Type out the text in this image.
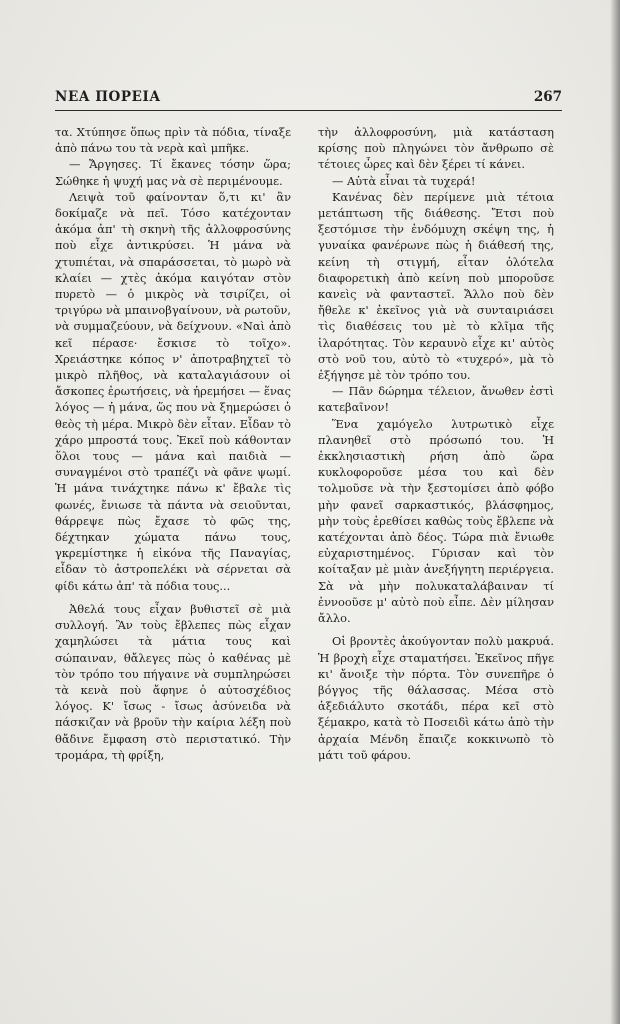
ΝΕΑ ΠΟΡΕΙΑ	267

τα. Χτύπησε ὅπως πρὶν τὰ πόδια, τίναξε ἀπὸ πάνω του τὰ νερὰ καὶ μπῆκε.

— Ἄργησες. Τί ἔκανες τόσην ὥρα; Σώθηκε ἡ ψυχή μας νὰ σὲ περιμένουμε.

Λειψὰ τοῦ φαίνονταν ὅ,τι κι' ἂν δοκίμαζε νὰ πεῖ. Τόσο κατέχονταν ἀκόμα ἀπ' τὴ σκηνὴ τῆς ἀλλοφροσύνης ποὺ εἶχε ἀντικρύσει. Ἡ μάνα νὰ χτυπιέται, νὰ σπαράσσεται, τὸ μωρὸ νὰ κλαίει — χτὲς ἀκόμα καιγόταν στὸν πυρετὸ — ὁ μικρὸς νὰ τσιρίζει, οἱ τριγύρω νὰ μπαινοβγαίνουν, νὰ ρωτοῦν, νὰ συμμαζεύουν, νὰ δείχνουν. «Ναὶ ἀπὸ κεῖ πέρασε· ἔσκισε τὸ τοῖχο». Χρειάστηκε κόπος ν' ἀποτραβηχτεῖ τὸ μικρὸ πλῆθος, νὰ καταλαγιάσουν οἱ ἄσκοπες ἐρωτήσεις, νὰ ἠρεμήσει — ἕνας λόγος — ἡ μάνα, ὥς που νὰ ξημερώσει ὁ θεὸς τὴ μέρα. Μικρὸ δὲν εἶταν. Εἶδαν τὸ χάρο μπροστά τους. Ἐκεῖ ποὺ κάθονταν ὅλοι τους — μάνα καὶ παιδιὰ — συναγμένοι στὸ τραπέζι νὰ φᾶνε ψωμί. Ἡ μάνα τινάχτηκε πάνω κ' ἔβαλε τὶς φωνές, ἔνιωσε τὰ πάντα νὰ σειοῦνται, θάρρεψε πὼς ἔχασε τὸ φῶς της, δέχτηκαν χώματα πάνω τους, γκρεμίστηκε ἡ εἰκόνα τῆς Παναγίας, εἶδαν τὸ ἀστροπελέκι νὰ σέρνεται σὰ φίδι κάτω ἀπ' τὰ πόδια τους...

Ἀθελά τους εἶχαν βυθιστεῖ σὲ μιὰ συλλογή. Ἂν τοὺς ἔβλεπες πὼς εἶχαν χαμηλώσει τὰ μάτια τους καὶ σώπαιναν, θἄλεγες πὼς ὁ καθένας μὲ τὸν τρόπο του πήγαινε νὰ συμπληρώσει τὰ κενὰ ποὺ ἄφηνε ὁ αὐτοσχέδιος λόγος. Κ' ἴσως - ἴσως ἀσύνειδα νὰ πάσκιζαν νὰ βροῦν τὴν καίρια λέξη ποὺ θἄδινε ἔμφαση στὸ περιστατικό. Τὴν τρομάρα, τὴ φρίξη,

τὴν ἀλλοφροσύνη, μιὰ κατάσταση κρίσης ποὺ πληγώνει τὸν ἄνθρωπο σὲ τέτοιες ὧρες καὶ δὲν ξέρει τί κάνει.

— Αὐτὰ εἶναι τὰ τυχερά!

Κανένας δὲν περίμενε μιὰ τέτοια μετάπτωση τῆς διάθεσης. Ἔτσι ποὺ ξεστόμισε τὴν ἐνδόμυχη σκέψη της, ἡ γυναίκα φανέρωνε πὼς ἡ διάθεσή της, κείνη τὴ στιγμή, εἶταν ὁλότελα διαφορετικὴ ἀπὸ κείνη ποὺ μποροῦσε κανεὶς νὰ φανταστεῖ. Ἄλλο ποὺ δὲν ἤθελε κ' ἐκεῖνος γιὰ νὰ συνταιριάσει τὶς διαθέσεις του μὲ τὸ κλῖμα τῆς ἱλαρότητας. Τὸν κεραυνὸ εἶχε κι' αὐτὸς στὸ νοῦ του, αὐτὸ τὸ «τυχερό», μὰ τὸ ἐξήγησε μὲ τὸν τρόπο του.

— Πᾶν δώρημα τέλειον, ἄνωθεν ἐστὶ κατεβαῖνον!

Ἕνα χαμόγελο λυτρωτικὸ εἶχε πλανηθεῖ στὸ πρόσωπό του. Ἡ ἐκκλησιαστικὴ ρήση ἀπὸ ὥρα κυκλοφοροῦσε μέσα του καὶ δὲν τολμοῦσε νὰ τὴν ξεστομίσει ἀπὸ φόβο μὴν φανεῖ σαρκαστικός, βλάσφημος, μὴν τοὺς ἐρεθίσει καθὼς τοὺς ἔβλεπε νὰ κατέχονται ἀπὸ δέος. Τώρα πιὰ ἔνιωθε εὐχαριστημένος. Γύρισαν καὶ τὸν κοίταξαν μὲ μιὰν ἀνεξήγητη περιέργεια. Σὰ νὰ μὴν πολυκαταλάβαιναν τί ἐννοοῦσε μ' αὐτὸ ποὺ εἶπε. Δὲν μίλησαν ἄλλο.

Οἱ βροντὲς ἀκούγονταν πολὺ μακρυά. Ἡ βροχὴ εἶχε σταματήσει. Ἐκεῖνος πῆγε κι' ἄνοιξε τὴν πόρτα. Τὸν συνεπῆρε ὁ βόγγος τῆς θάλασσας. Μέσα στὸ ἀξεδιάλυτο σκοτάδι, πέρα κεῖ στὸ ξέμακρο, κατὰ τὸ Ποσειδὶ κάτω ἀπὸ τὴν ἀρχαία Μένδη ἔπαιζε κοκκινωπὸ τὸ μάτι τοῦ φάρου.
